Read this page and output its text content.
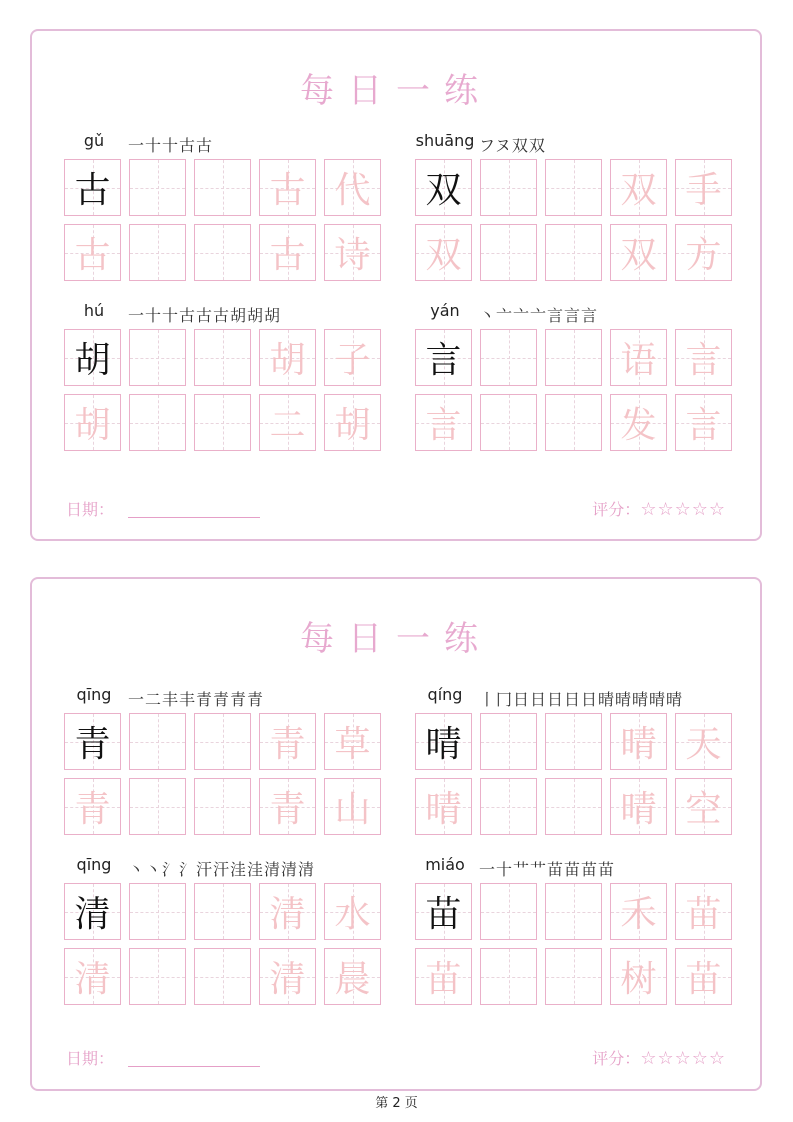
每日一练
gǔ	一十十古古
古	古 代
古	古 诗
shuāng フヌ双双
双	双 手
双	双 方
hú	一十十古古古胡胡胡
胡	胡 子
胡	二 胡
yán	丶亠亠亠言言言
言	语 言
言	发 言
日期：	评分：☆☆☆☆☆
每日一练
qīng	一二丰丰青青青青
青	青 草
青	青 山
qíng	丨冂日日日日日晴晴晴晴晴
晴	晴 天
晴	晴 空
qīng	丶丶氵氵汗汗洼洼清清清
清	清 水
清	清 晨
miáo 一十艹艹苗苗苗苗
苗	禾 苗
苗	树 苗
日期：	评分：☆☆☆☆☆
第 2 页
